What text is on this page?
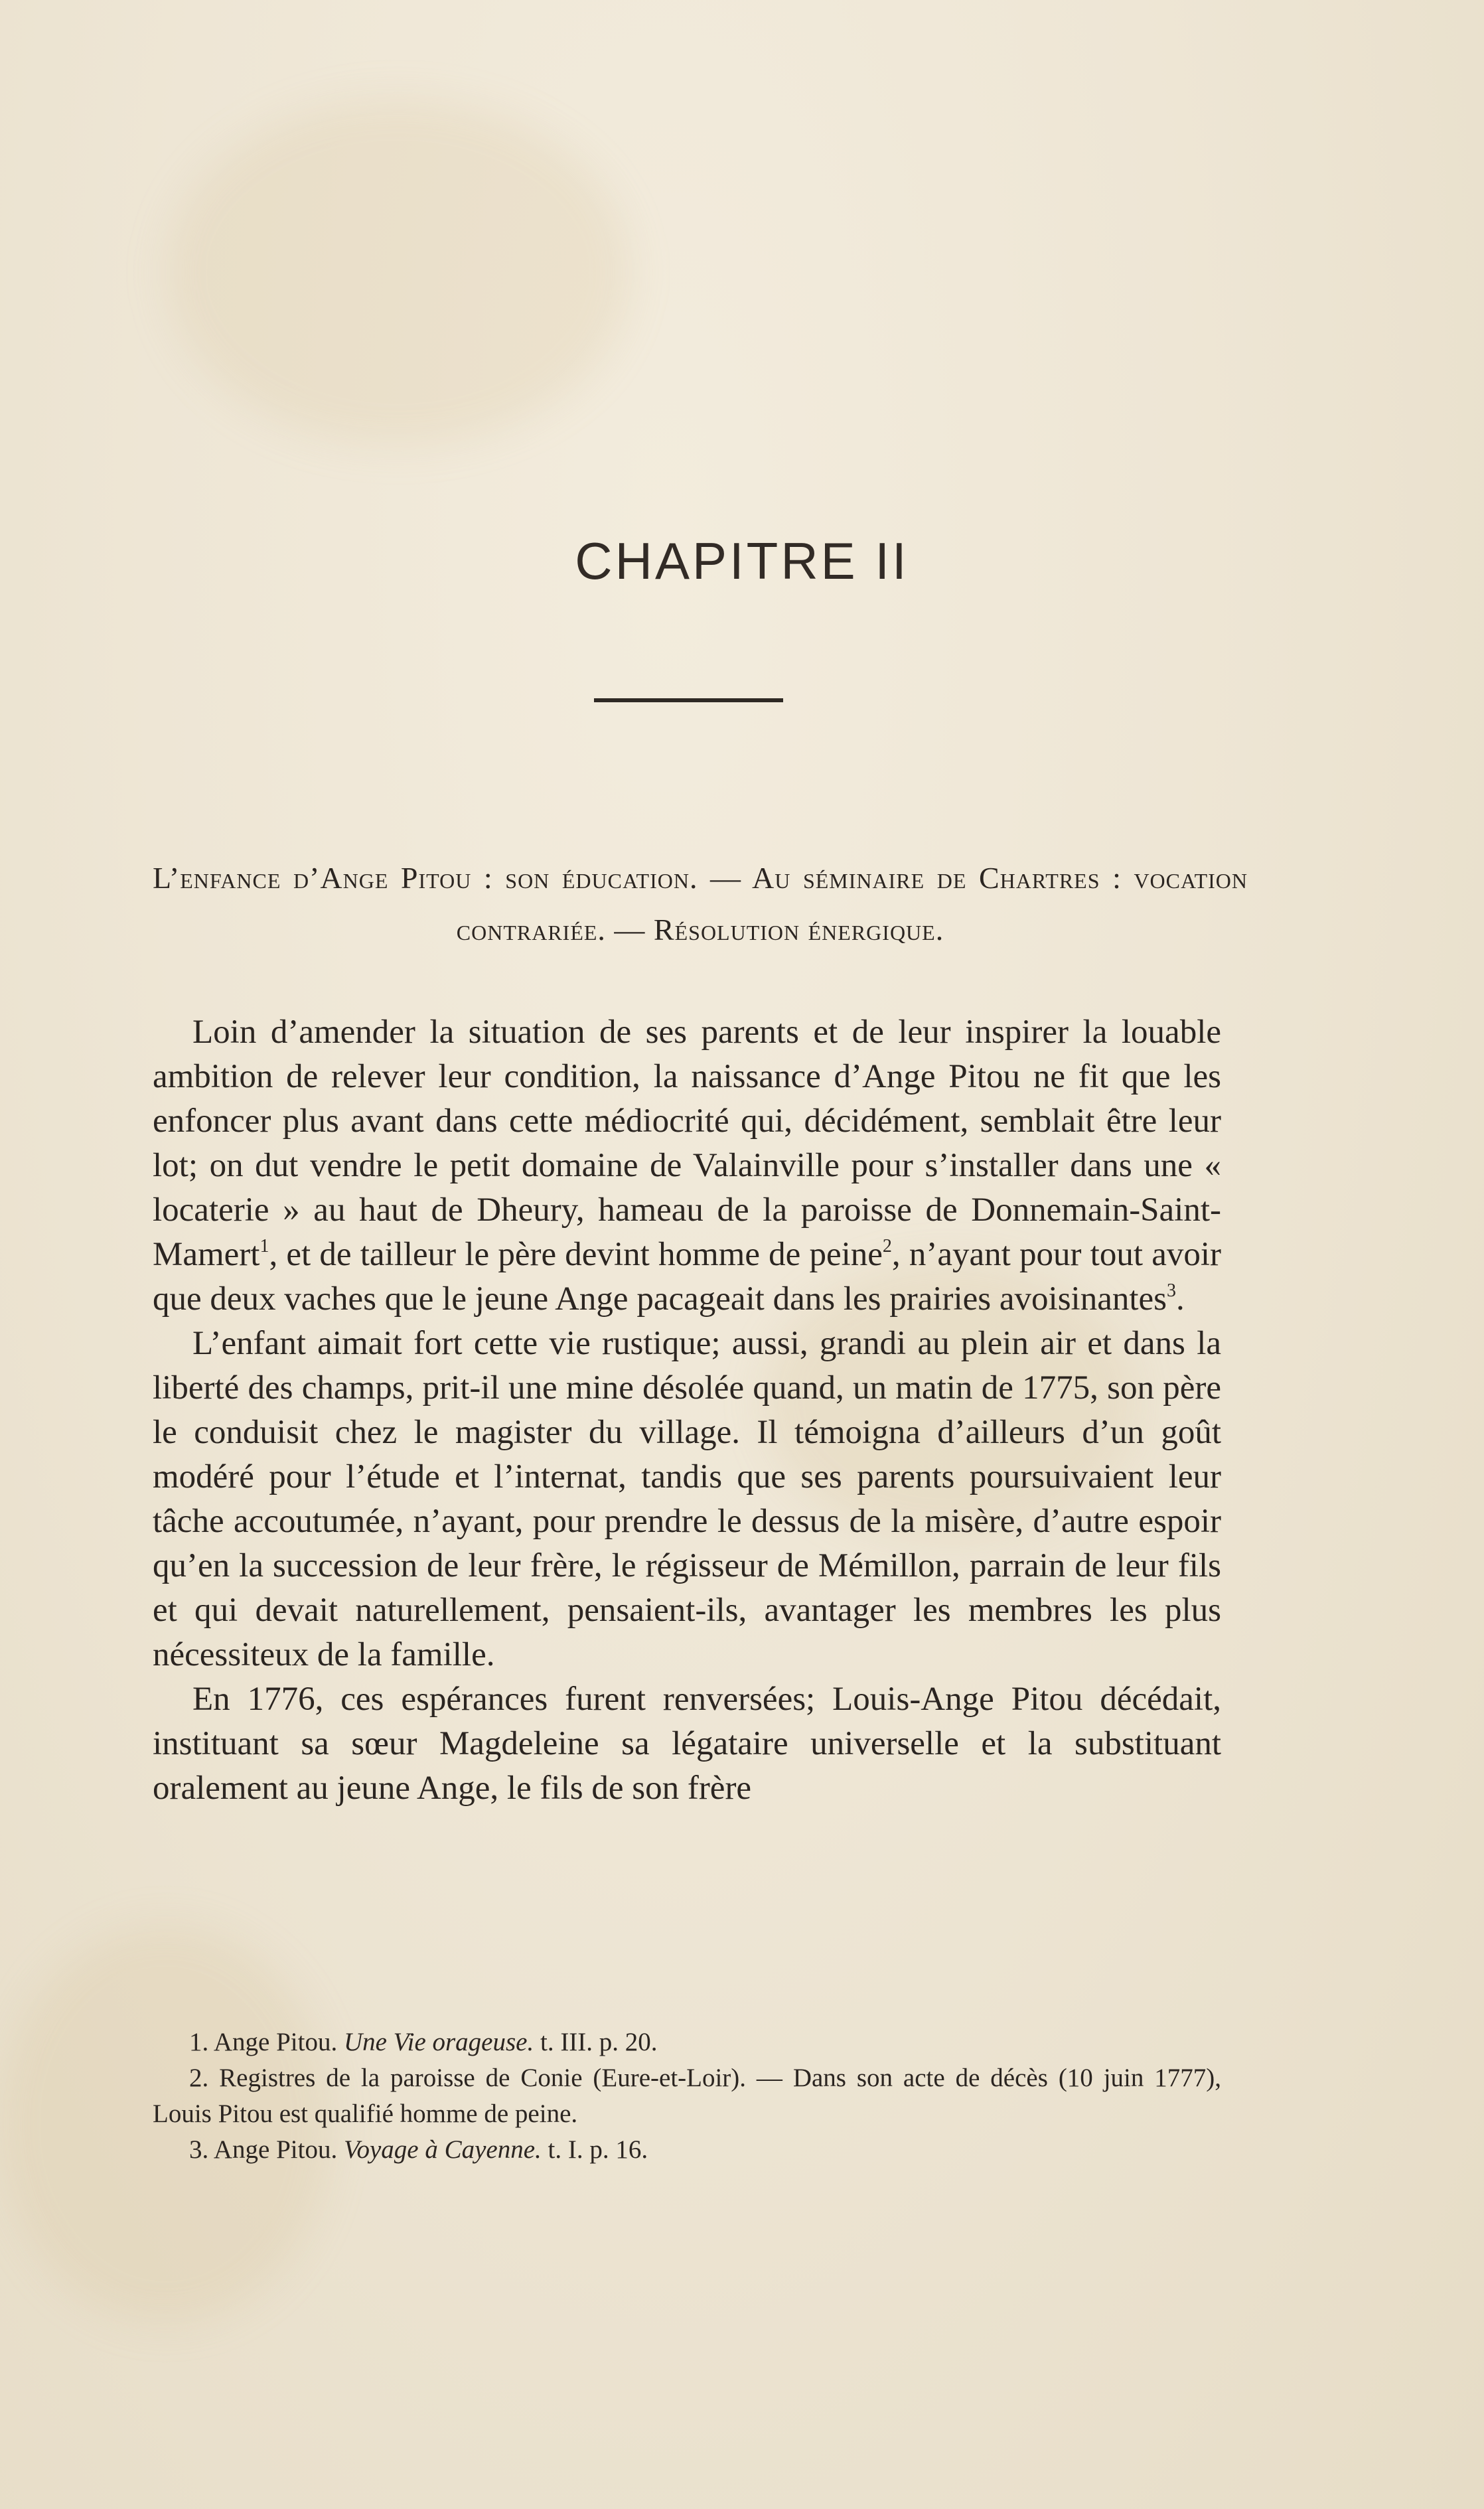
CHAPITRE II
L’enfance d’Ange Pitou : son éducation. — Au séminaire de Chartres : vocation contrariée. — Résolution énergique.

Loin d’amender la situation de ses parents et de leur inspirer la louable ambition de relever leur condition, la naissance d’Ange Pitou ne fit que les enfoncer plus avant dans cette médiocrité qui, décidément, semblait être leur lot; on dut vendre le petit domaine de Valainville pour s’installer dans une « locaterie » au haut de Dheury, hameau de la paroisse de Donnemain-Saint-Mamert$^1$, et de tailleur le père devint homme de peine$^2$, n’ayant pour tout avoir que deux vaches que le jeune Ange pacageait dans les prairies avoisinantes$^3$.

L’enfant aimait fort cette vie rustique; aussi, grandi au plein air et dans la liberté des champs, prit-il une mine désolée quand, un matin de 1775, son père le conduisit chez le magister du village. Il témoigna d’ailleurs d’un goût modéré pour l’étude et l’internat, tandis que ses parents poursuivaient leur tâche accoutumée, n’ayant, pour prendre le dessus de la misère, d’autre espoir qu’en la succession de leur frère, le régisseur de Mémillon, parrain de leur fils et qui devait naturellement, pensaient-ils, avantager les membres les plus nécessiteux de la famille.

En 1776, ces espérances furent renversées; Louis-Ange Pitou décédait, instituant sa sœur Magdeleine sa légataire universelle et la substituant oralement au jeune Ange, le fils de son frère

1. Ange Pitou. Une Vie orageuse. t. III. p. 20.

2. Registres de la paroisse de Conie (Eure-et-Loir). — Dans son acte de décès (10 juin 1777), Louis Pitou est qualifié homme de peine.

3. Ange Pitou. Voyage à Cayenne. t. I. p. 16.
